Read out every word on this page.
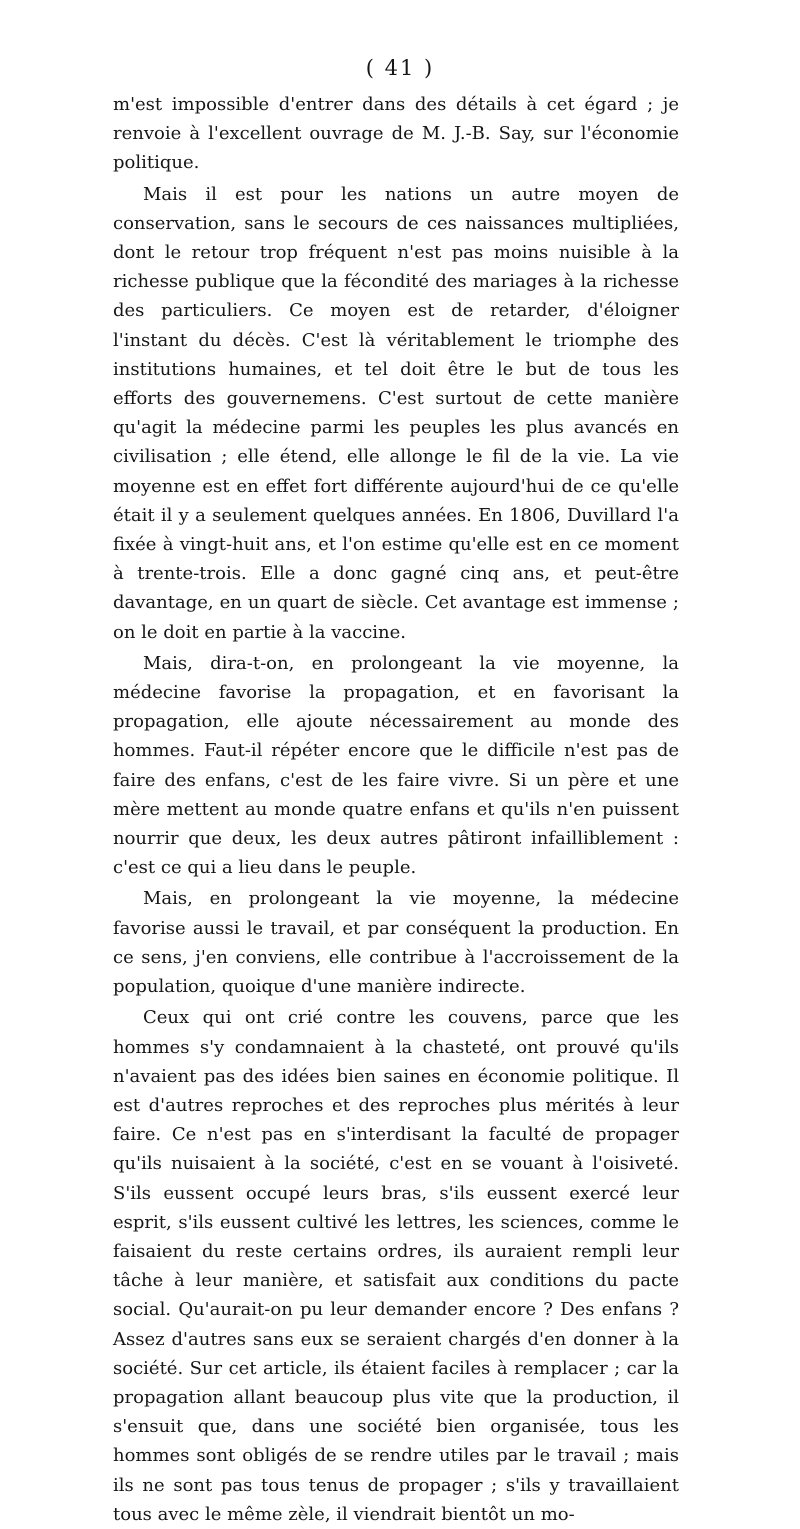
( 41 )

m'est impossible d'entrer dans des détails à cet égard ; je renvoie à l'excellent ouvrage de M. J.-B. Say, sur l'économie politique.

Mais il est pour les nations un autre moyen de conservation, sans le secours de ces naissances multipliées, dont le retour trop fréquent n'est pas moins nuisible à la richesse publique que la fécondité des mariages à la richesse des particuliers. Ce moyen est de retarder, d'éloigner l'instant du décès. C'est là véritablement le triomphe des institutions humaines, et tel doit être le but de tous les efforts des gouvernemens. C'est surtout de cette manière qu'agit la médecine parmi les peuples les plus avancés en civilisation ; elle étend, elle allonge le fil de la vie. La vie moyenne est en effet fort différente aujourd'hui de ce qu'elle était il y a seulement quelques années. En 1806, Duvillard l'a fixée à vingt-huit ans, et l'on estime qu'elle est en ce moment à trente-trois. Elle a donc gagné cinq ans, et peut-être davantage, en un quart de siècle. Cet avantage est immense ; on le doit en partie à la vaccine.

Mais, dira-t-on, en prolongeant la vie moyenne, la médecine favorise la propagation, et en favorisant la propagation, elle ajoute nécessairement au monde des hommes. Faut-il répéter encore que le difficile n'est pas de faire des enfans, c'est de les faire vivre. Si un père et une mère mettent au monde quatre enfans et qu'ils n'en puissent nourrir que deux, les deux autres pâtiront infailliblement : c'est ce qui a lieu dans le peuple.

Mais, en prolongeant la vie moyenne, la médecine favorise aussi le travail, et par conséquent la production. En ce sens, j'en conviens, elle contribue à l'accroissement de la population, quoique d'une manière indirecte.

Ceux qui ont crié contre les couvens, parce que les hommes s'y condamnaient à la chasteté, ont prouvé qu'ils n'avaient pas des idées bien saines en économie politique. Il est d'autres reproches et des reproches plus mérités à leur faire. Ce n'est pas en s'interdisant la faculté de propager qu'ils nuisaient à la société, c'est en se vouant à l'oisiveté. S'ils eussent occupé leurs bras, s'ils eussent exercé leur esprit, s'ils eussent cultivé les lettres, les sciences, comme le faisaient du reste certains ordres, ils auraient rempli leur tâche à leur manière, et satisfait aux conditions du pacte social. Qu'aurait-on pu leur demander encore ? Des enfans ? Assez d'autres sans eux se seraient chargés d'en donner à la société. Sur cet article, ils étaient faciles à remplacer ; car la propagation allant beaucoup plus vite que la production, il s'ensuit que, dans une société bien organisée, tous les hommes sont obligés de se rendre utiles par le travail ; mais ils ne sont pas tous tenus de propager ; s'ils y travaillaient tous avec le même zèle, il viendrait bientôt un mo-
